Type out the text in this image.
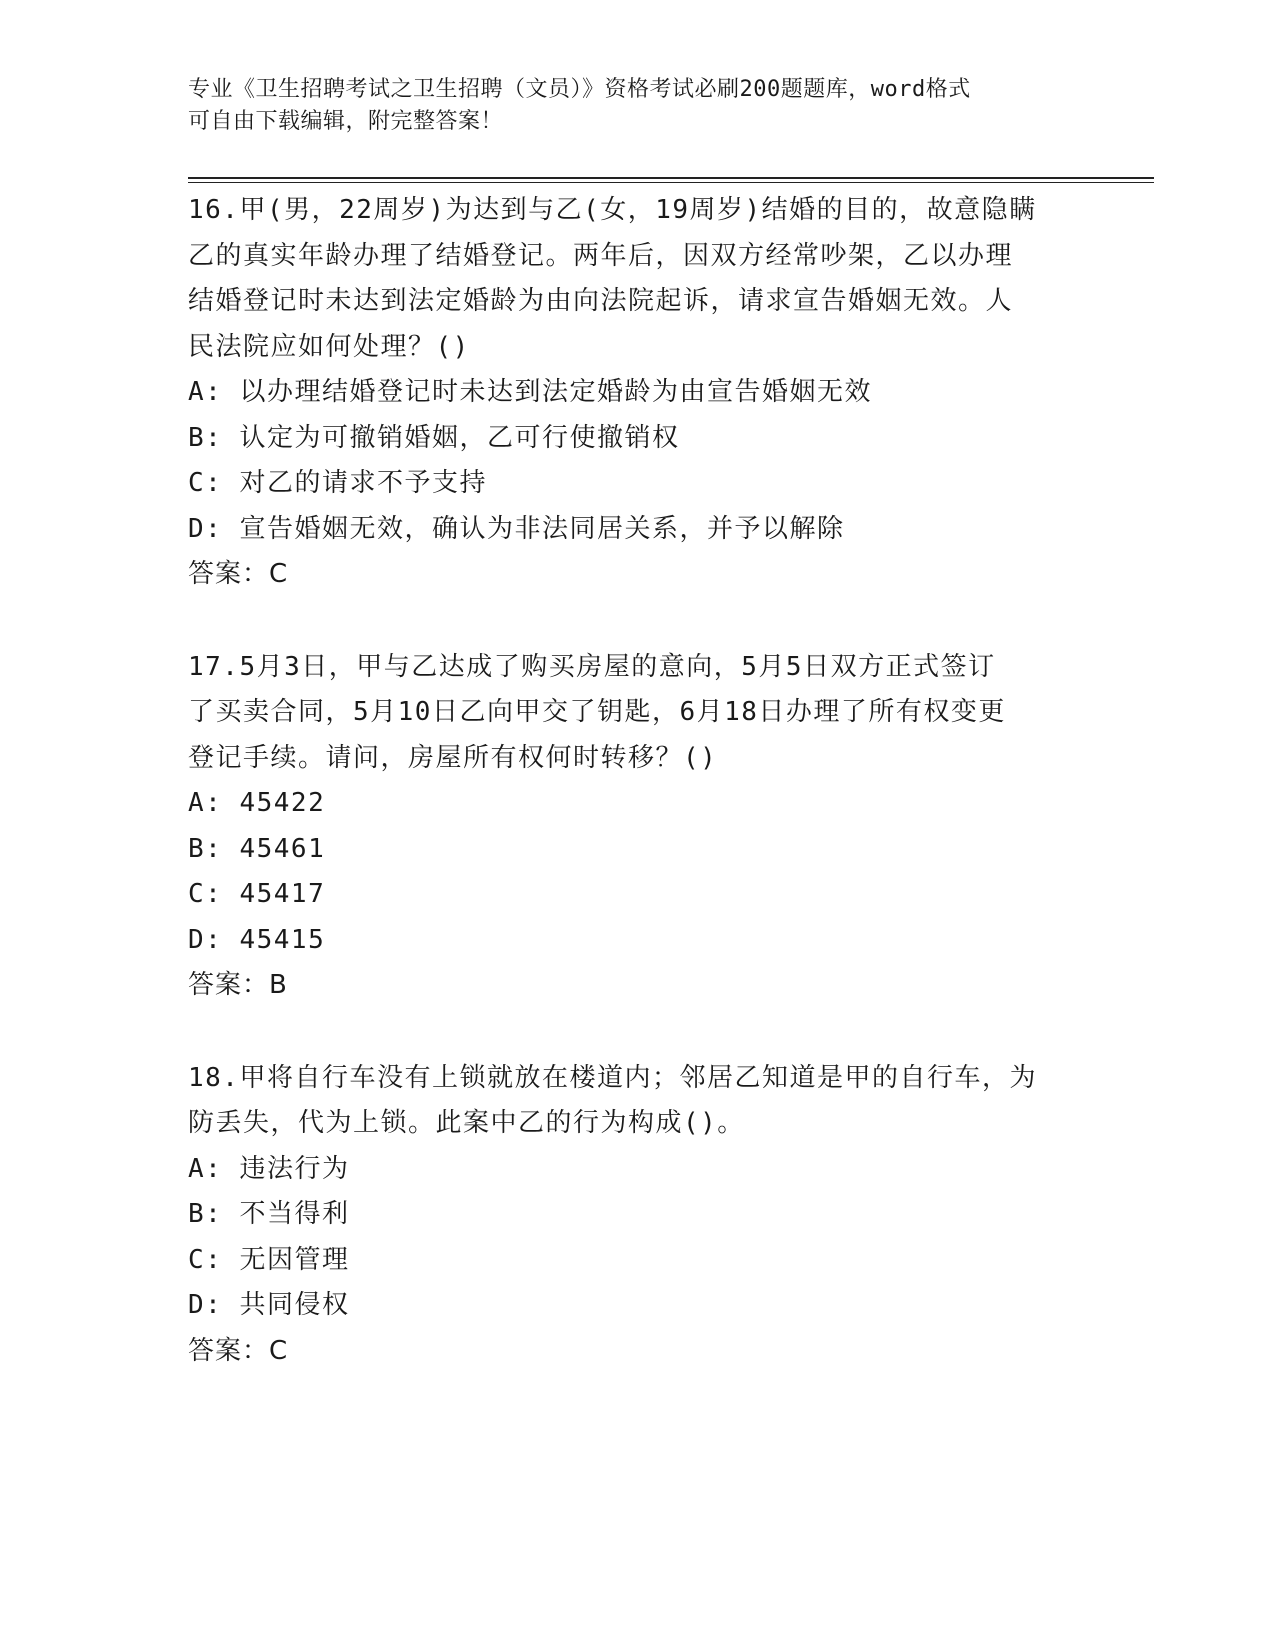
专业《卫生招聘考试之卫生招聘（文员）》资格考试必刷200题题库，word格式
可自由下载编辑，附完整答案！
16.甲(男，22周岁)为达到与乙(女，19周岁)结婚的目的，故意隐瞒
乙的真实年龄办理了结婚登记。两年后，因双方经常吵架，乙以办理
结婚登记时未达到法定婚龄为由向法院起诉，请求宣告婚姻无效。人
民法院应如何处理？()
A: 以办理结婚登记时未达到法定婚龄为由宣告婚姻无效
B: 认定为可撤销婚姻，乙可行使撤销权
C: 对乙的请求不予支持
D: 宣告婚姻无效，确认为非法同居关系，并予以解除
答案：C
17.5月3日，甲与乙达成了购买房屋的意向，5月5日双方正式签订
了买卖合同，5月10日乙向甲交了钥匙，6月18日办理了所有权变更
登记手续。请问，房屋所有权何时转移？()
A: 45422
B: 45461
C: 45417
D: 45415
答案：B
18.甲将自行车没有上锁就放在楼道内；邻居乙知道是甲的自行车，为
防丢失，代为上锁。此案中乙的行为构成()。
A: 违法行为
B: 不当得利
C: 无因管理
D: 共同侵权
答案：C
